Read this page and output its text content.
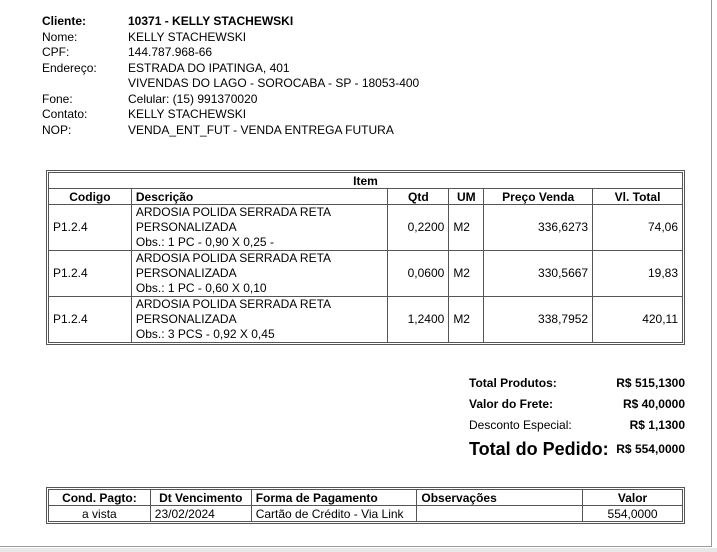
Cliente:	10371 - KELLY STACHEWSKI
Nome:	KELLY STACHEWSKI
CPF:	144.787.968-66
Endereço:	ESTRADA DO IPATINGA, 401
VIVENDAS DO LAGO - SOROCABA - SP - 18053-400
Fone:	Celular: (15) 991370020
Contato:	KELLY STACHEWSKI
NOP:	VENDA_ENT_FUT - VENDA ENTREGA FUTURA
Item					
Codigo	Descrição	Qtd	UM	Preço Venda	Vl. Total
P1.2.4	ARDOSIA POLIDA SERRADA RETA
PERSONALIZADA
Obs.: 1 PC - 0,90 X 0,25 -	0,2200	M2	336,6273	74,06
P1.2.4	ARDOSIA POLIDA SERRADA RETA
PERSONALIZADA
Obs.: 1 PC - 0,60 X 0,10	0,0600	M2	330,5667	19,83
P1.2.4	ARDOSIA POLIDA SERRADA RETA
PERSONALIZADA
Obs.: 3 PCS - 0,92 X 0,45	1,2400	M2	338,7952	420,11
Total Produtos:	R$ 515,1300
Valor do Frete:	R$ 40,0000
Desconto Especial:	R$ 1,1300
Total do Pedido: R$ 554,0000
Cond. Pagto:	Dt Vencimento	Forma de Pagamento	Observações	Valor
a vista	23/02/2024	Cartão de Crédito - Via Link		554,0000
